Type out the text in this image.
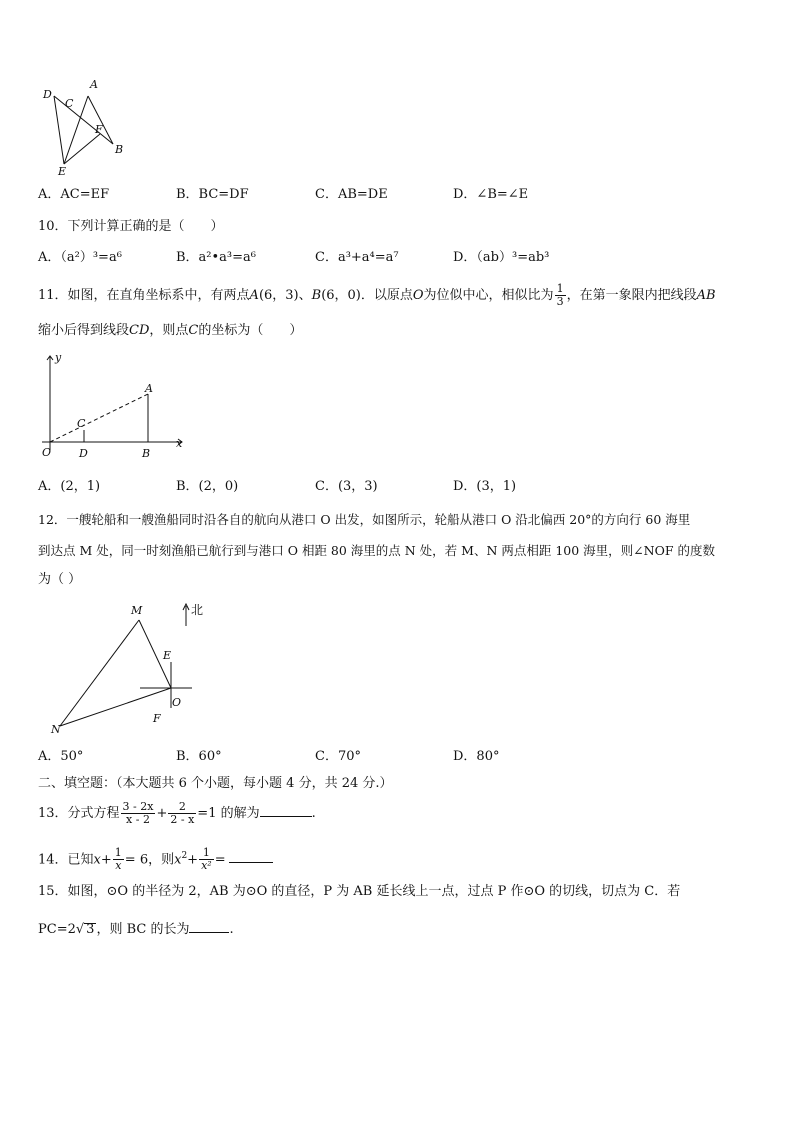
D
C
A
F
B
E
A．AC=EF	B．BC=DF	C．AB=DE	D．∠B=∠E
10．下列计算正确的是（　　）
A．（a²）³=a⁶	B．a²•a³=a⁶	C．a³+a⁴=a⁷	D．（ab）³=ab³
11．如图，在直角坐标系中，有两点A(6，3)、B(6，0)．以原点O为位似中心，相似比为 $\frac{1}{3}$ ，在第一象限内把线段AB
缩小后得到线段CD，则点C的坐标为（　　）
y
x
O	D	B
C
A
A．(2，1)	B．(2，0)	C．(3，3)	D．(3，1)
12．一艘轮船和一艘渔船同时沿各自的航向从港口 O 出发，如图所示，轮船从港口 O 沿北偏西 20°的方向行 60 海里
到达点 M 处，同一时刻渔船已航行到与港口 O 相距 80 海里的点 N 处，若 M、N 两点相距 100 海里，则∠NOF 的度数
为（ ）
M
N
E
O
F
北
A．50°	B．60°	C．70°	D．80°
二、填空题：（本大题共 6 个小题，每小题 4 分，共 24 分.）
13．分式方程 $\frac{3 - 2x}{x - 2} + \frac{2}{2 - x} =1$ 的解为	.
14．已知$x+ \frac{1}{x} = 6$，则$x^2+ \frac{1}{\text{x²}}$ =
15．如图，⊙O 的半径为 2，AB 为⊙O 的直径，P 为 AB 延长线上一点，过点 P 作⊙O 的切线，切点为 C．若
PC=2√ 3 ，则 BC 的长为	.
